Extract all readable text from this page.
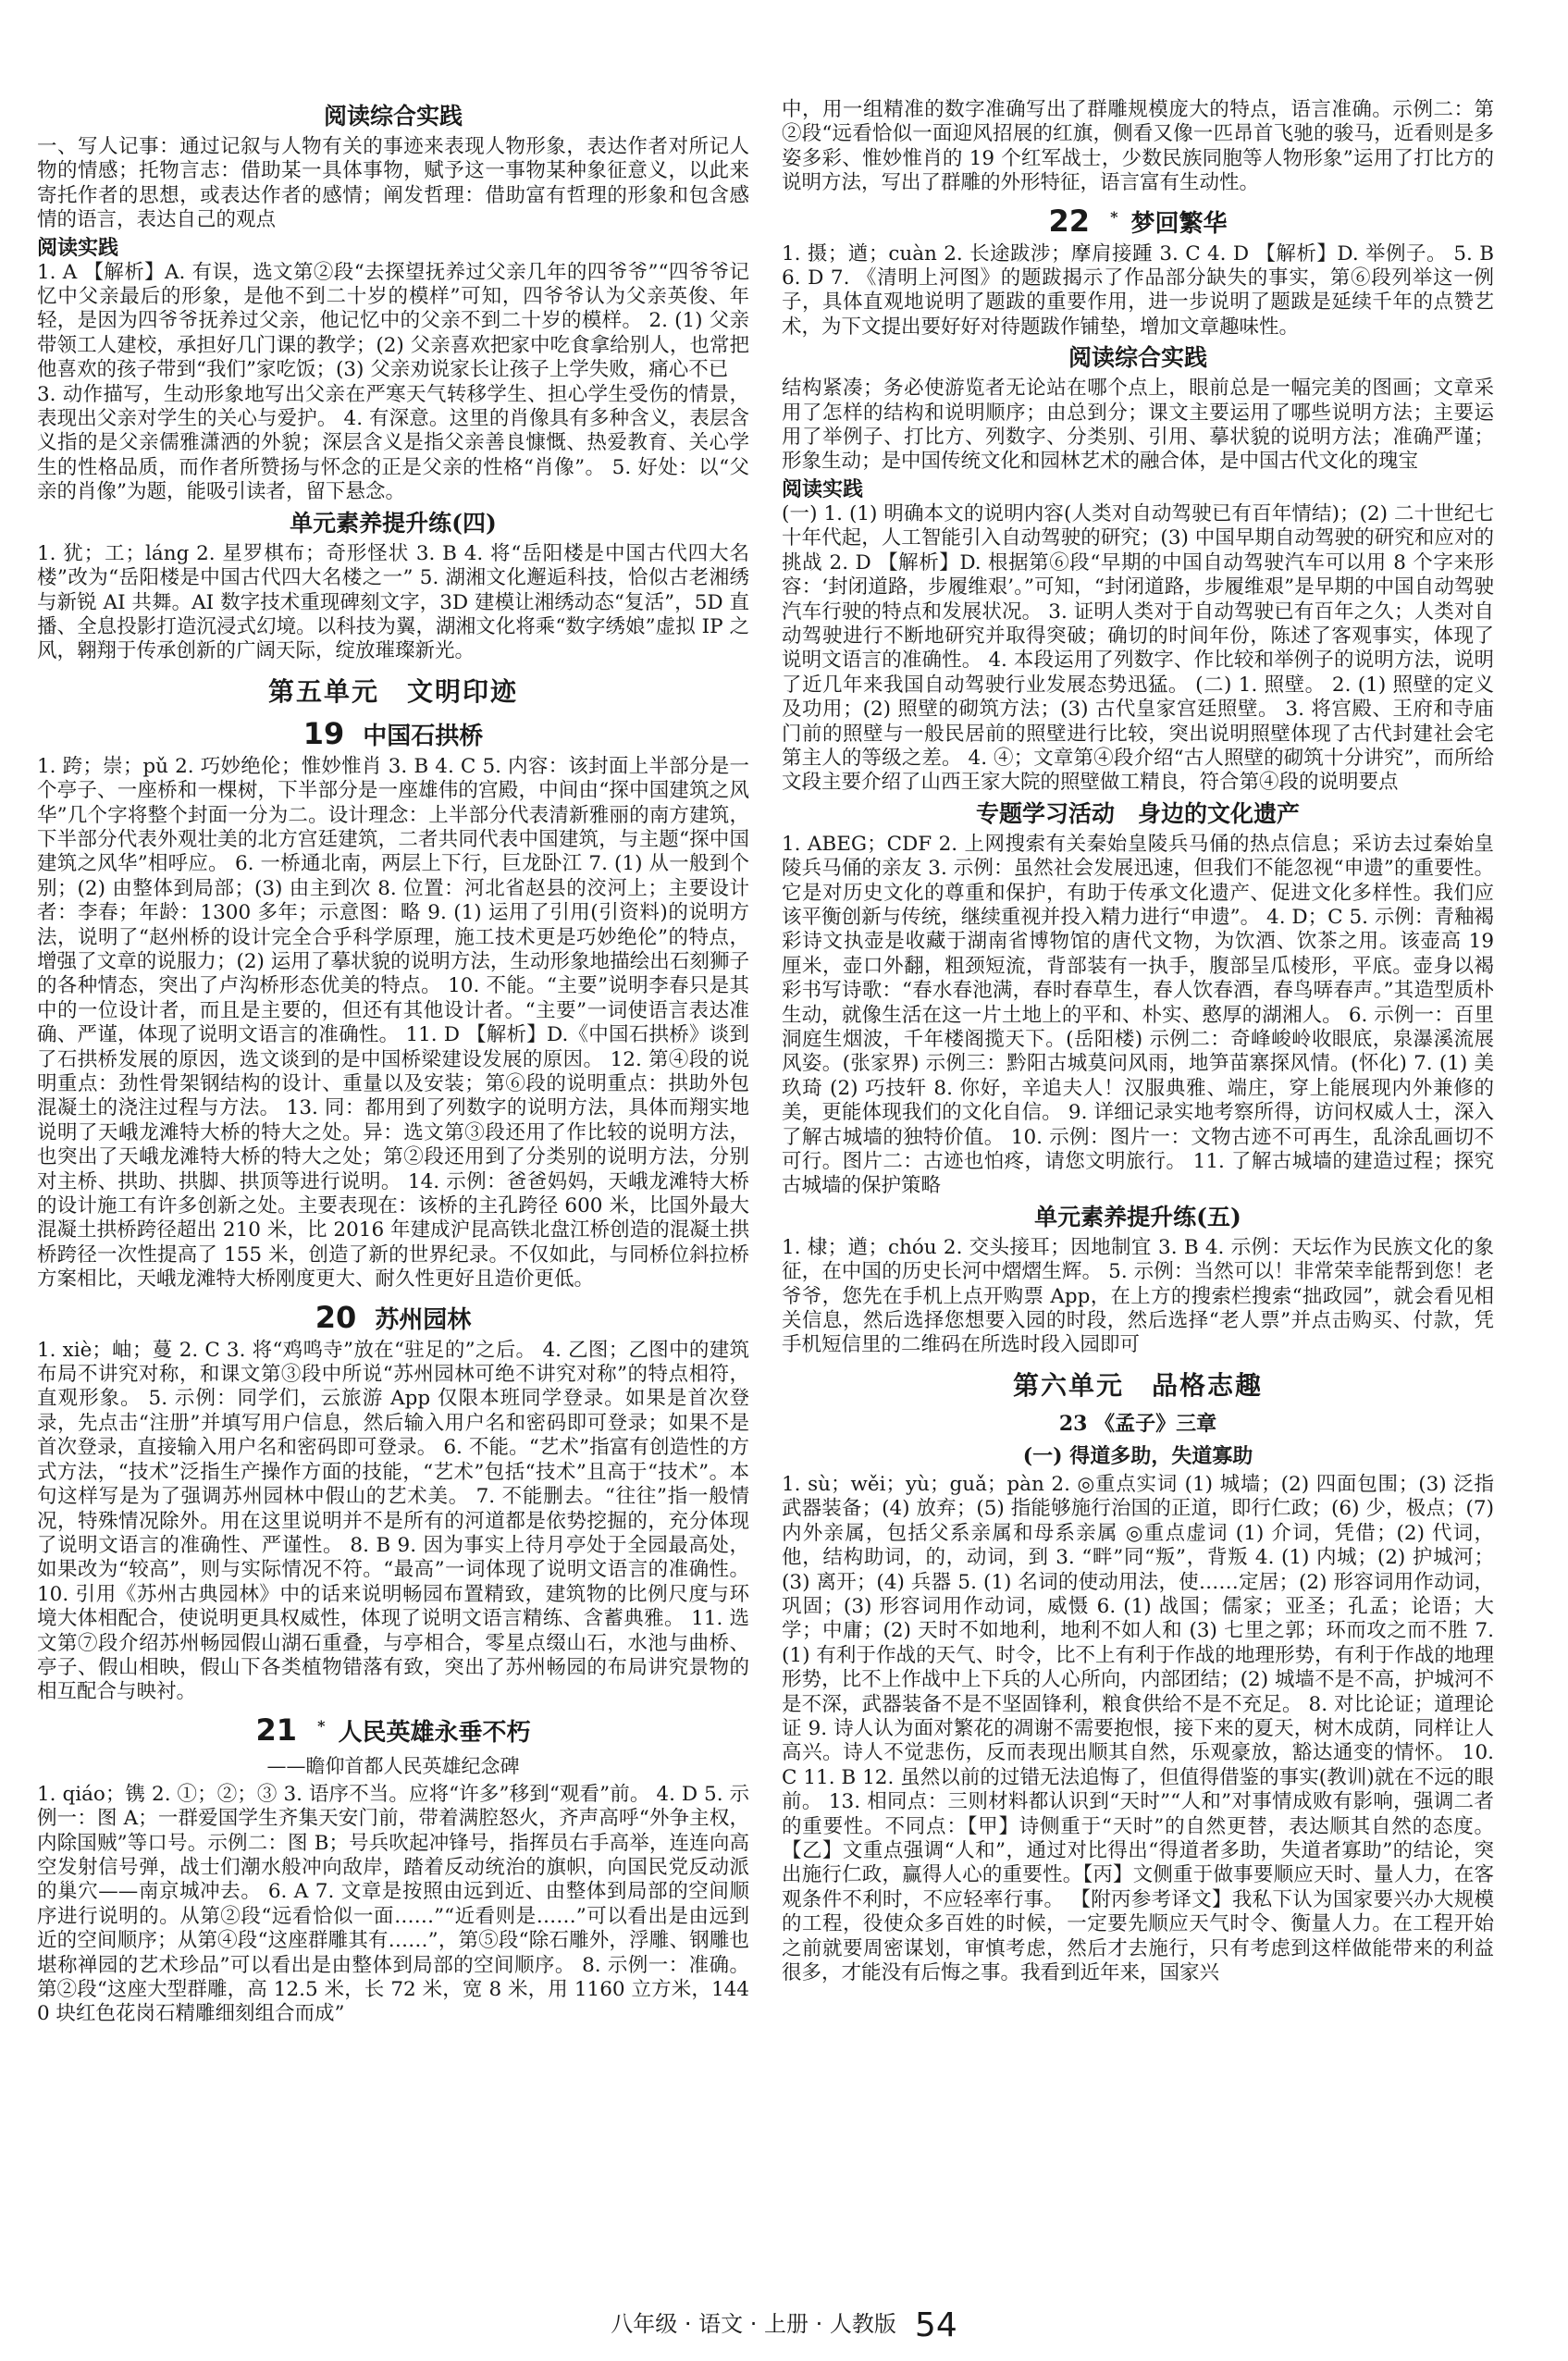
阅读综合实践

一、写人记事：通过记叙与人物有关的事迹来表现人物形象，表达作者对所记人物的情感；托物言志：借助某一具体事物，赋予这一事物某种象征意义，以此来寄托作者的思想，或表达作者的感情；阐发哲理：借助富有哲理的形象和包含感情的语言，表达自己的观点

阅读实践

1. A 【解析】A. 有误，选文第②段“去探望抚养过父亲几年的四爷爷”“四爷爷记忆中父亲最后的形象，是他不到二十岁的模样”可知，四爷爷认为父亲英俊、年轻，是因为四爷爷抚养过父亲，他记忆中的父亲不到二十岁的模样。 2. (1) 父亲带领工人建校，承担好几门课的教学；(2) 父亲喜欢把家中吃食拿给别人，也常把他喜欢的孩子带到“我们”家吃饭；(3) 父亲劝说家长让孩子上学失败，痛心不已

3. 动作描写，生动形象地写出父亲在严寒天气转移学生、担心学生受伤的情景，表现出父亲对学生的关心与爱护。 4. 有深意。这里的肖像具有多种含义，表层含义指的是父亲儒雅潇洒的外貌；深层含义是指父亲善良慷慨、热爱教育、关心学生的性格品质，而作者所赞扬与怀念的正是父亲的性格“肖像”。 5. 好处：以“父亲的肖像”为题，能吸引读者，留下悬念。

单元素养提升练(四)

1. 犹；工；láng 2. 星罗棋布；奇形怪状 3. B 4. 将“岳阳楼是中国古代四大名楼”改为“岳阳楼是中国古代四大名楼之一” 5. 湖湘文化邂逅科技，恰似古老湘绣与新锐 AI 共舞。AI 数字技术重现碑刻文字，3D 建模让湘绣动态“复活”，5D 直播、全息投影打造沉浸式幻境。以科技为翼，湖湘文化将乘“数字绣娘”虚拟 IP 之风，翱翔于传承创新的广阔天际，绽放璀璨新光。

第五单元　文明印迹
19 中国石拱桥

1. 跨；崇；pǔ 2. 巧妙绝伦；惟妙惟肖 3. B 4. C 5. 内容：该封面上半部分是一个亭子、一座桥和一棵树，下半部分是一座雄伟的宫殿，中间由“探中国建筑之风华”几个字将整个封面一分为二。设计理念：上半部分代表清新雅丽的南方建筑，下半部分代表外观壮美的北方宫廷建筑，二者共同代表中国建筑，与主题“探中国建筑之风华”相呼应。 6. 一桥通北南，两层上下行，巨龙卧江 7. (1) 从一般到个别；(2) 由整体到局部；(3) 由主到次 8. 位置：河北省赵县的洨河上；主要设计者：李春；年龄：1300 多年；示意图：略 9. (1) 运用了引用(引资料)的说明方法，说明了“赵州桥的设计完全合乎科学原理，施工技术更是巧妙绝伦”的特点，增强了文章的说服力；(2) 运用了摹状貌的说明方法，生动形象地描绘出石刻狮子的各种情态，突出了卢沟桥形态优美的特点。 10. 不能。“主要”说明李春只是其中的一位设计者，而且是主要的，但还有其他设计者。“主要”一词使语言表达准确、严谨，体现了说明文语言的准确性。 11. D 【解析】D.《中国石拱桥》谈到了石拱桥发展的原因，选文谈到的是中国桥梁建设发展的原因。 12. 第④段的说明重点：劲性骨架钢结构的设计、重量以及安装；第⑥段的说明重点：拱助外包混凝土的浇注过程与方法。 13. 同：都用到了列数字的说明方法，具体而翔实地说明了天峨龙滩特大桥的特大之处。异：选文第③段还用了作比较的说明方法，也突出了天峨龙滩特大桥的特大之处；第②段还用到了分类别的说明方法，分别对主桥、拱助、拱脚、拱顶等进行说明。 14. 示例：爸爸妈妈，天峨龙滩特大桥的设计施工有许多创新之处。主要表现在：该桥的主孔跨径 600 米，比国外最大混凝土拱桥跨径超出 210 米，比 2016 年建成沪昆高铁北盘江桥创造的混凝土拱桥跨径一次性提高了 155 米，创造了新的世界纪录。不仅如此，与同桥位斜拉桥方案相比，天峨龙滩特大桥刚度更大、耐久性更好且造价更低。

20 苏州园林

1. xiè；岫；蔓 2. C 3. 将“鸡鸣寺”放在“驻足的”之后。 4. 乙图；乙图中的建筑布局不讲究对称，和课文第③段中所说“苏州园林可绝不讲究对称”的特点相符，直观形象。 5. 示例：同学们，云旅游 App 仅限本班同学登录。如果是首次登录，先点击“注册”并填写用户信息，然后输入用户名和密码即可登录；如果不是首次登录，直接输入用户名和密码即可登录。 6. 不能。“艺术”指富有创造性的方式方法，“技术”泛指生产操作方面的技能，“艺术”包括“技术”且高于“技术”。本句这样写是为了强调苏州园林中假山的艺术美。 7. 不能删去。“往往”指一般情况，特殊情况除外。用在这里说明并不是所有的河道都是依势挖掘的，充分体现了说明文语言的准确性、严谨性。 8. B 9. 因为事实上待月亭处于全园最高处，如果改为“较高”，则与实际情况不符。“最高”一词体现了说明文语言的准确性。 10. 引用《苏州古典园林》中的话来说明畅园布置精致，建筑物的比例尺度与环境大体相配合，使说明更具权威性，体现了说明文语言精练、含蓄典雅。 11. 选文第⑦段介绍苏州畅园假山湖石重叠，与亭相合，零星点缀山石，水池与曲桥、亭子、假山相映，假山下各类植物错落有致，突出了苏州畅园的布局讲究景物的相互配合与映衬。

21 * 人民英雄永垂不朽
——瞻仰首都人民英雄纪念碑

1. qiáo；镌 2. ①；②；③ 3. 语序不当。应将“许多”移到“观看”前。 4. D 5. 示例一：图 A；一群爱国学生齐集天安门前，带着满腔怒火，齐声高呼“外争主权，内除国贼”等口号。示例二：图 B；号兵吹起冲锋号，指挥员右手高举，连连向高空发射信号弹，战士们潮水般冲向敌岸，踏着反动统治的旗帜，向国民党反动派的巢穴——南京城冲去。 6. A 7. 文章是按照由远到近、由整体到局部的空间顺序进行说明的。从第②段“远看恰似一面……”“近看则是……”可以看出是由远到近的空间顺序；从第④段“这座群雕其有……”，第⑤段“除石雕外，浮雕、钢雕也堪称禅园的艺术珍品”可以看出是由整体到局部的空间顺序。 8. 示例一：准确。第②段“这座大型群雕，高 12.5 米，长 72 米，宽 8 米，用 1160 立方米，1440 块红色花岗石精雕细刻组合而成”

中，用一组精准的数字准确写出了群雕规模庞大的特点，语言准确。示例二：第②段“远看恰似一面迎风招展的红旗，侧看又像一匹昂首飞驰的骏马，近看则是多姿多彩、惟妙惟肖的 19 个红军战士，少数民族同胞等人物形象”运用了打比方的说明方法，写出了群雕的外形特征，语言富有生动性。

22 * 梦回繁华

1. 摄；遒；cuàn 2. 长途跋涉；摩肩接踵 3. C 4. D 【解析】D. 举例子。 5. B 6. D 7. 《清明上河图》的题跋揭示了作品部分缺失的事实，第⑥段列举这一例子，具体直观地说明了题跋的重要作用，进一步说明了题跋是延续千年的点赞艺术，为下文提出要好好对待题跋作铺垫，增加文章趣味性。

阅读综合实践

结构紧凑；务必使游览者无论站在哪个点上，眼前总是一幅完美的图画；文章采用了怎样的结构和说明顺序；由总到分；课文主要运用了哪些说明方法；主要运用了举例子、打比方、列数字、分类别、引用、摹状貌的说明方法；准确严谨；形象生动；是中国传统文化和园林艺术的融合体，是中国古代文化的瑰宝

阅读实践

(一) 1. (1) 明确本文的说明内容(人类对自动驾驶已有百年情结)；(2) 二十世纪七十年代起，人工智能引入自动驾驶的研究；(3) 中国早期自动驾驶的研究和应对的挑战 2. D 【解析】D. 根据第⑥段“早期的中国自动驾驶汽车可以用 8 个字来形容：‘封闭道路，步履维艰’。”可知，“封闭道路，步履维艰”是早期的中国自动驾驶汽车行驶的特点和发展状况。 3. 证明人类对于自动驾驶已有百年之久；人类对自动驾驶进行不断地研究并取得突破；确切的时间年份，陈述了客观事实，体现了说明文语言的准确性。 4. 本段运用了列数字、作比较和举例子的说明方法，说明了近几年来我国自动驾驶行业发展态势迅猛。 (二) 1. 照壁。 2. (1) 照壁的定义及功用；(2) 照壁的砌筑方法；(3) 古代皇家宫廷照壁。 3. 将宫殿、王府和寺庙门前的照壁与一般民居前的照壁进行比较，突出说明照壁体现了古代封建社会宅第主人的等级之差。 4. ④；文章第④段介绍“古人照壁的砌筑十分讲究”，而所给文段主要介绍了山西王家大院的照壁做工精良，符合第④段的说明要点

专题学习活动　身边的文化遗产

1. ABEG；CDF 2. 上网搜索有关秦始皇陵兵马俑的热点信息；采访去过秦始皇陵兵马俑的亲友 3. 示例：虽然社会发展迅速，但我们不能忽视“申遗”的重要性。它是对历史文化的尊重和保护，有助于传承文化遗产、促进文化多样性。我们应该平衡创新与传统，继续重视并投入精力进行“申遗”。 4. D；C 5. 示例：青釉褐彩诗文执壶是收藏于湖南省博物馆的唐代文物，为饮酒、饮茶之用。该壶高 19 厘米，壶口外翻，粗颈短流，背部装有一执手，腹部呈瓜棱形，平底。壶身以褐彩书写诗歌：“春水春池满，春时春草生，春人饮春酒，春鸟哢春声。”其造型质朴生动，就像生活在这一片土地上的平和、朴实、憨厚的湖湘人。 6. 示例一：百里洞庭生烟波，千年楼阁揽天下。(岳阳楼) 示例二：奇峰峻岭收眼底，泉瀑溪流展风姿。(张家界) 示例三：黔阳古城莫问风雨，地笋苗寨探风情。(怀化) 7. (1) 美玖琦 (2) 巧技轩 8. 你好，辛追夫人！汉服典雅、端庄，穿上能展现内外兼修的美，更能体现我们的文化自信。 9. 详细记录实地考察所得，访问权威人士，深入了解古城墙的独特价值。 10. 示例：图片一：文物古迹不可再生，乱涂乱画切不可行。图片二：古迹也怕疼，请您文明旅行。 11. 了解古城墙的建造过程；探究古城墙的保护策略

单元素养提升练(五)

1. 棣；遒；chóu 2. 交头接耳；因地制宜 3. B 4. 示例：天坛作为民族文化的象征，在中国的历史长河中熠熠生辉。 5. 示例：当然可以！非常荣幸能帮到您！老爷爷，您先在手机上点开购票 App，在上方的搜索栏搜索“拙政园”，就会看见相关信息，然后选择您想要入园的时段，然后选择“老人票”并点击购买、付款，凭手机短信里的二维码在所选时段入园即可

第六单元　品格志趣
23 《孟子》三章
(一) 得道多助，失道寡助

1. sù；wěi；yù；guǎ；pàn 2. ◎重点实词 (1) 城墙；(2) 四面包围；(3) 泛指武器装备；(4) 放弃；(5) 指能够施行治国的正道，即行仁政；(6) 少，极点；(7) 内外亲属，包括父系亲属和母系亲属 ◎重点虚词 (1) 介词，凭借；(2) 代词，他，结构助词，的，动词，到 3. “畔”同“叛”，背叛 4. (1) 内城；(2) 护城河；(3) 离开；(4) 兵器 5. (1) 名词的使动用法，使……定居；(2) 形容词用作动词，巩固；(3) 形容词用作动词，威慑 6. (1) 战国；儒家；亚圣；孔孟；论语；大学；中庸；(2) 天时不如地利，地利不如人和 (3) 七里之郭；环而攻之而不胜 7. (1) 有利于作战的天气、时令，比不上有利于作战的地理形势，有利于作战的地理形势，比不上作战中上下兵的人心所向，内部团结；(2) 城墙不是不高，护城河不是不深，武器装备不是不坚固锋利，粮食供给不是不充足。 8. 对比论证；道理论证 9. 诗人认为面对繁花的凋谢不需要抱恨，接下来的夏天，树木成荫，同样让人高兴。诗人不觉悲伤，反而表现出顺其自然，乐观豪放，豁达通变的情怀。 10. C 11. B 12. 虽然以前的过错无法追悔了，但值得借鉴的事实(教训)就在不远的眼前。 13. 相同点：三则材料都认识到“天时”“人和”对事情成败有影响，强调二者的重要性。不同点：【甲】诗侧重于“天时”的自然更替，表达顺其自然的态度。【乙】文重点强调“人和”，通过对比得出“得道者多助，失道者寡助”的结论，突出施行仁政，赢得人心的重要性。【丙】文侧重于做事要顺应天时、量人力，在客观条件不利时，不应轻率行事。 【附丙参考译文】我私下认为国家要兴办大规模的工程，役使众多百姓的时候，一定要先顺应天气时令、衡量人力。在工程开始之前就要周密谋划，审慎考虑，然后才去施行，只有考虑到这样做能带来的利益很多，才能没有后悔之事。我看到近年来，国家兴

八年级 · 语文 · 上册 · 人教版 54
